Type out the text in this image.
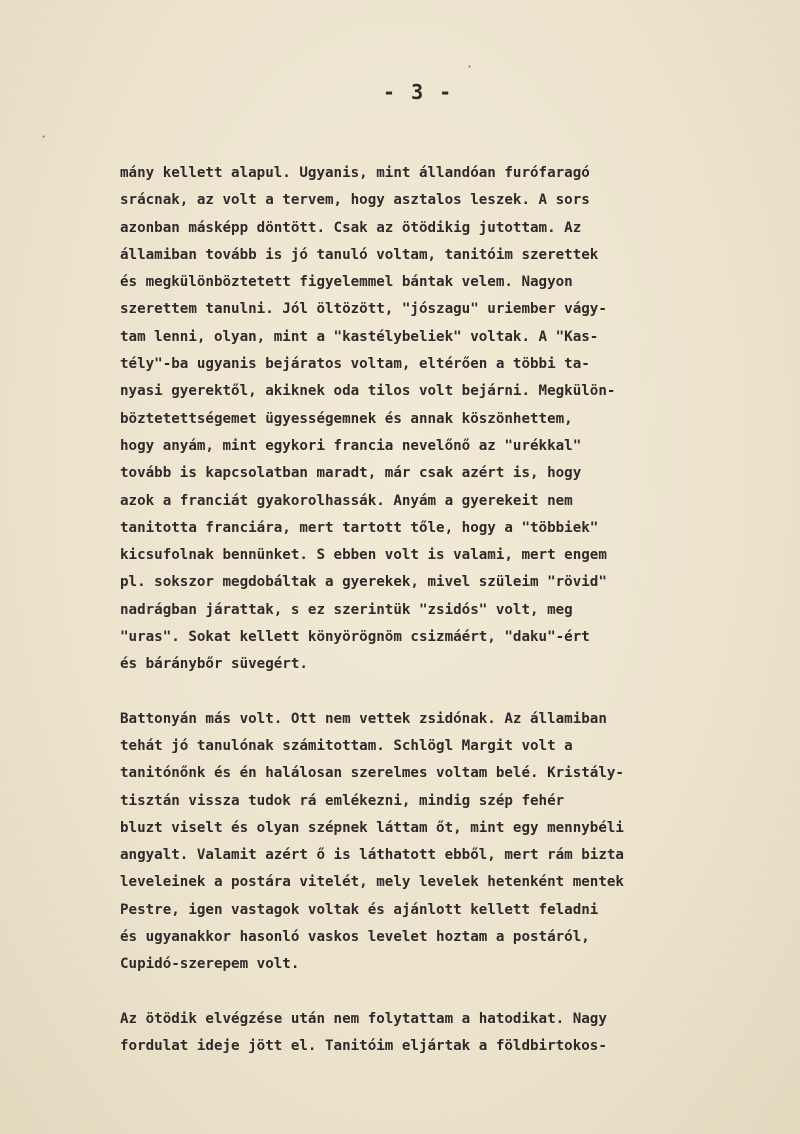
·
·
- 3 -
mány kellett alapul. Ugyanis, mint állandóan furófaragó
srácnak, az volt a tervem, hogy asztalos leszek. A sors
azonban másképp döntött. Csak az ötödikig jutottam. Az
államiban tovább is jó tanuló voltam, tanitóim szerettek
és megkülönböztetett figyelemmel bántak velem. Nagyon
szerettem tanulni. Jól öltözött, "jószagu" uriember vágy-
tam lenni, olyan, mint a "kastélybeliek" voltak. A "Kas-
tély"-ba ugyanis bejáratos voltam, eltérően a többi ta-
nyasi gyerektől, akiknek oda tilos volt bejárni. Megkülön-
böztetettségemet ügyességemnek és annak köszönhettem,
hogy anyám, mint egykori francia nevelőnő az "urékkal"
tovább is kapcsolatban maradt, már csak azért is, hogy
azok a franciát gyakorolhassák. Anyám a gyerekeit nem
tanitotta franciára, mert tartott tőle, hogy a "többiek"
kicsufolnak bennünket. S ebben volt is valami, mert engem
pl. sokszor megdobáltak a gyerekek, mivel szüleim "rövid"
nadrágban járattak, s ez szerintük "zsidós" volt, meg
"uras". Sokat kellett könyörögnöm csizmáért, "daku"-ért
és báránybőr süvegért.
Battonyán más volt. Ott nem vettek zsidónak. Az államiban
tehát jó tanulónak számitottam. Schlögl Margit volt a
tanitónőnk és én halálosan szerelmes voltam belé. Kristály-
tisztán vissza tudok rá emlékezni, mindig szép fehér
bluzt viselt és olyan szépnek láttam őt, mint egy mennybéli
angyalt. Valamit azért ő is láthatott ebből, mert rám bizta
leveleinek a postára vitelét, mely levelek hetenként mentek
Pestre, igen vastagok voltak és ajánlott kellett feladni
és ugyanakkor hasonló vaskos levelet hoztam a postáról,
Cupidó-szerepem volt.
Az ötödik elvégzése után nem folytattam a hatodikat. Nagy
fordulat ideje jött el. Tanitóim eljártak a földbirtokos-
